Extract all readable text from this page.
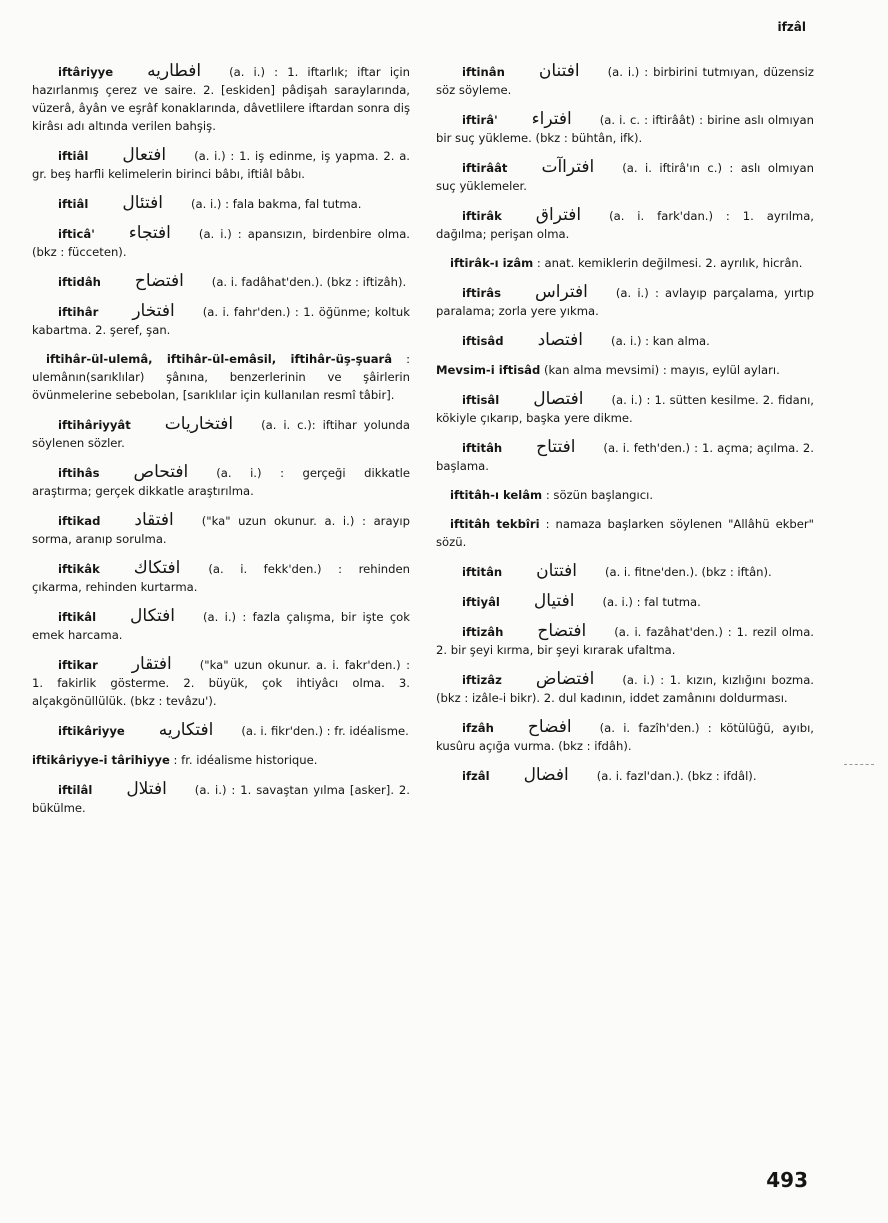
ifzâl
iftâriyye افطاريه (a. i.) : 1. iftarlık; iftar için hazırlanmış çerez ve saire. 2. [eskiden] pâdişah saraylarında, vüzerâ, âyân ve eşrâf konaklarında, dâvetlilere iftardan sonra diş kirâsı adı altında verilen bahşiş.
iftiâl افتعال (a. i.) : 1. iş edinme, iş yapma. 2. a. gr. beş harfli kelimelerin birinci bâbı, iftiâl bâbı.
iftiâl افتئال (a. i.) : fala bakma, fal tutma.
ifticâ' افتجاء (a. i.) : apansızın, birdenbire olma. (bkz : fücceten).
iftidâh افتضاح (a. i. fadâhat'den.). (bkz : iftizâh).
iftihâr افتخار (a. i. fahr'den.) : 1. öğünme; koltuk kabartma. 2. şeref, şan.
iftihâr-ül-ulemâ, iftihâr-ül-emâsil, iftihâr-üş-şuarâ : ulemânın(sarıklılar) şânına, benzerlerinin ve şâirlerin övünmelerine sebebolan, [sarıklılar için kullanılan resmî tâbir].
iftihâriyyât افتخاريات (a. i. c.): iftihar yolunda söylenen sözler.
iftihâs افتحاص (a. i.) : gerçeği dikkatle araştırma; gerçek dikkatle araştırılma.
iftikad افتقاد ("ka" uzun okunur. a. i.) : arayıp sorma, aranıp sorulma.
iftikâk افتكاك (a. i. fekk'den.) : rehinden çıkarma, rehinden kurtarma.
iftikâl افتكال (a. i.) : fazla çalışma, bir işte çok emek harcama.
iftikar افتقار ("ka" uzun okunur. a. i. fakr'den.) : 1. fakirlik gösterme. 2. büyük, çok ihtiyâcı olma. 3. alçakgönüllülük. (bkz : tevâzu').
iftikâriyye افتكاريه (a. i. fikr'den.) : fr. idéalisme.
iftikâriyye-i târihiyye : fr. idéalisme historique.
iftilâl افتلال (a. i.) : 1. savaştan yılma [asker]. 2. bükülme.
iftinân افتنان (a. i.) : birbirini tutmıyan, düzensiz söz söyleme.
iftirâ' افتراء (a. i. c. : iftirâât) : birine aslı olmıyan bir suç yükleme. (bkz : bühtân, ifk).
iftirâât افتراآت (a. i. iftirâ'ın c.) : aslı olmıyan suç yüklemeler.
iftirâk افتراق (a. i. fark'dan.) : 1. ayrılma, dağılma; perişan olma.
iftirâk-ı izâm : anat. kemiklerin değilmesi. 2. ayrılık, hicrân.
iftirâs افتراس (a. i.) : avlayıp parçalama, yırtıp paralama; zorla yere yıkma.
iftisâd افتصاد (a. i.) : kan alma.
Mevsim-i iftisâd (kan alma mevsimi) : mayıs, eylül ayları.
iftisâl افتصال (a. i.) : 1. sütten kesilme. 2. fidanı, kökiyle çıkarıp, başka yere dikme.
iftitâh افتتاح (a. i. feth'den.) : 1. açma; açılma. 2. başlama.
iftitâh-ı kelâm : sözün başlangıcı.
iftitâh tekbîri : namaza başlarken söylenen "Allâhü ekber" sözü.
iftitân افتتان (a. i. fitne'den.). (bkz : iftân).
iftiyâl افتيال (a. i.) : fal tutma.
iftizâh افتضاح (a. i. fazâhat'den.) : 1. rezil olma. 2. bir şeyi kırma, bir şeyi kırarak ufaltma.
iftizâz افتضاض (a. i.) : 1. kızın, kızlığını bozma. (bkz : izâle-i bikr). 2. dul kadının, iddet zamânını doldurması.
ifzâh افضاح (a. i. fazîh'den.) : kötülüğü, ayıbı, kusûru açığa vurma. (bkz : ifdâh).
ifzâl افضال (a. i. fazl'dan.). (bkz : ifdâl).
493
